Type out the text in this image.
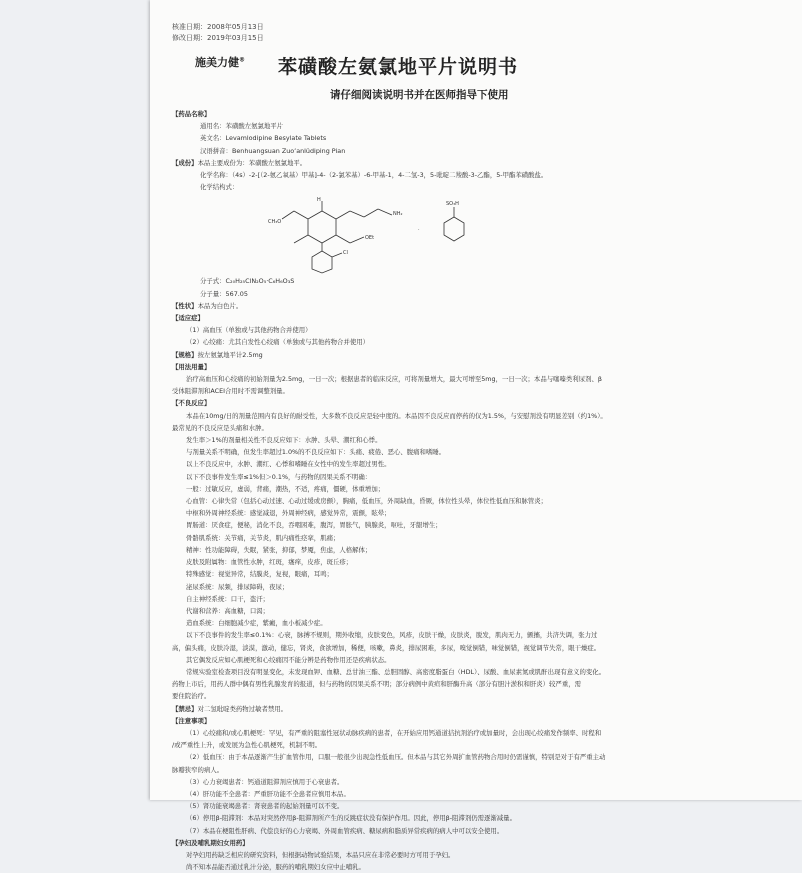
核准日期：2008年05月13日
修改日期：2019年03月15日
施美力健® 苯磺酸左氨氯地平片说明书
请仔细阅读说明书并在医师指导下使用

【药品名称】

通用名：苯磺酸左氨氯地平片

英文名：Levamlodipine Besylate Tablets

汉语拼音：Benhuangsuan Zuo’anlüdiping Pian

【成份】本品主要成份为：苯磺酸左氨氯地平。

化学名称：（4s）-2-[（2-氨乙氧基）甲基]-4-（2-氯苯基）-6-甲基-1，4-二氢-3，5-吡啶二羧酸-3-乙酯，5-甲酯苯磺酸盐。

化学结构式：

NH₂
CH₃O
OEt
Cl
H
·
SO₃H

分子式：C₂₀H₂₅ClN₂O₅·C₆H₆O₃S

分子量：567.05

【性状】本品为白色片。

【适应症】

（1）高血压（单独或与其他药物合并使用）

（2）心绞痛：尤其自发性心绞痛（单独或与其他药物合并使用）

【规格】按左氨氯地平计2.5mg

【用法用量】

治疗高血压和心绞痛的初始剂量为2.5mg，一日一次；根据患者的临床反应，可将剂量增大，最大可增至5mg，一日一次；本品与噻嗪类利尿剂、β

受体阻滞剂和ACEI合用时不需调整剂量。

【不良反应】

本品在10mg/日的剂量范围内有良好的耐受性，大多数不良反应是轻中度的。本品因不良反应而停药的仅为1.5%，与安慰剂没有明显差别（约1%）。

最常见的不良反应是头痛和水肿。

发生率＞1%的剂量相关性不良反应如下：水肿、头晕、潮红和心悸。

与剂量关系不明确，但发生率超过1.0%的不良反应如下：头痛、疲倦、恶心、腹痛和嗜睡。

以上不良反应中，水肿、潮红、心悸和嗜睡在女性中的发生率超过男性。

以下不良事件发生率≤1%但＞0.1%，与药物的因果关系不明确：

一般：过敏反应，虚弱，背痛，潮热，不适，疼痛，僵硬，体重增加；

心血管：心律失常（包括心动过速、心动过缓或房颤），胸痛，低血压，外周缺血，昏厥，体位性头晕，体位性低血压和脉管炎；

中枢和外周神经系统：感觉减退，外周神经病，感觉异常，震颤，眩晕；

胃肠道：厌食症，便秘，消化不良，吞咽困难，腹泻，胃胀气，胰腺炎，呕吐，牙龈增生；

骨骼肌系统：关节痛，关节炎，肌内痛性痉挛，肌痛；

精神：性功能障碍，失眠，紧张，抑郁，梦魇，焦虑，人格解体；

皮肤及附属物：血管性水肿，红斑，瘙痒，皮疹，斑丘疹；

特殊感觉：视觉异常，结膜炎，复视，眼痛，耳鸣；

泌尿系统：尿频，排尿障碍，夜尿；

自主神经系统：口干，盗汗；

代谢和营养：高血糖，口渴；

造血系统：白细胞减少症，紫癜，血小板减少症。

以下不良事件的发生率≤0.1%：心衰，脉搏不规则，期外收缩，皮肤变色，风疹，皮肤干燥，皮肤炎，脱发，肌肉无力，颤搐，共济失调，张力过

高，偏头痛，皮肤冷湿，淡漠，激动，健忘，肾炎，食欲增加，稀便，咳嗽，鼻炎，排尿困难，多尿，嗅觉倒错，味觉倒错，视觉调节失常，眼干燥症。

其它偶发反应如心肌梗死和心绞痛因不能分辨是药物作用还是疾病状态。

常规实验室检查项目没有明显变化，未发现血钾、血糖、总甘油三酯、总胆固醇、高密度脂蛋白（HDL）、尿酸、血尿素氮或肌酐出现有意义的变化。

药物上市后，用药人群中偶有男性乳腺发育的报道，但与药物的因果关系不明；部分病例中黄疸和肝酶升高（部分有胆汁淤积和肝炎）较严重，需

要住院治疗。

【禁忌】对二氢吡啶类药物过敏者禁用。

【注意事项】

（1）心绞痛和/或心肌梗死：罕见，有严重的阻塞性冠状动脉疾病的患者，在开始应用钙通道拮抗剂治疗或加量时，会出现心绞痛发作频率、时程和

/或严重性上升，或发展为急性心肌梗死，机制不明。

（2）低血压：由于本品逐渐产生扩血管作用，口服一般很少出现急性低血压。但本品与其它外周扩血管药物合用时仍需谨慎，特别是对于有严重主动

脉瓣狭窄的病人。

（3）心力衰竭患者：钙通道阻滞剂应慎用于心衰患者。

（4）肝功能不全患者：严重肝功能不全患者应慎用本品。

（5）肾功能衰竭患者：肾衰患者的起始剂量可以不变。

（6）停用β-阻滞剂：本品对突然停用β-阻滞剂所产生的反跳症状没有保护作用。因此，停用β-阻滞剂仍需逐渐减量。

（7）本品在梗阻性肝病、代偿良好的心力衰竭、外周血管疾病、糖尿病和脂质异常疾病的病人中可以安全使用。

【孕妇及哺乳期妇女用药】

对孕妇用药缺乏相应的研究资料，但根据动物试验结果，本品只应在非常必要时方可用于孕妇。

尚不知本品能否通过乳汁分泌，服药的哺乳期妇女应中止哺乳。
